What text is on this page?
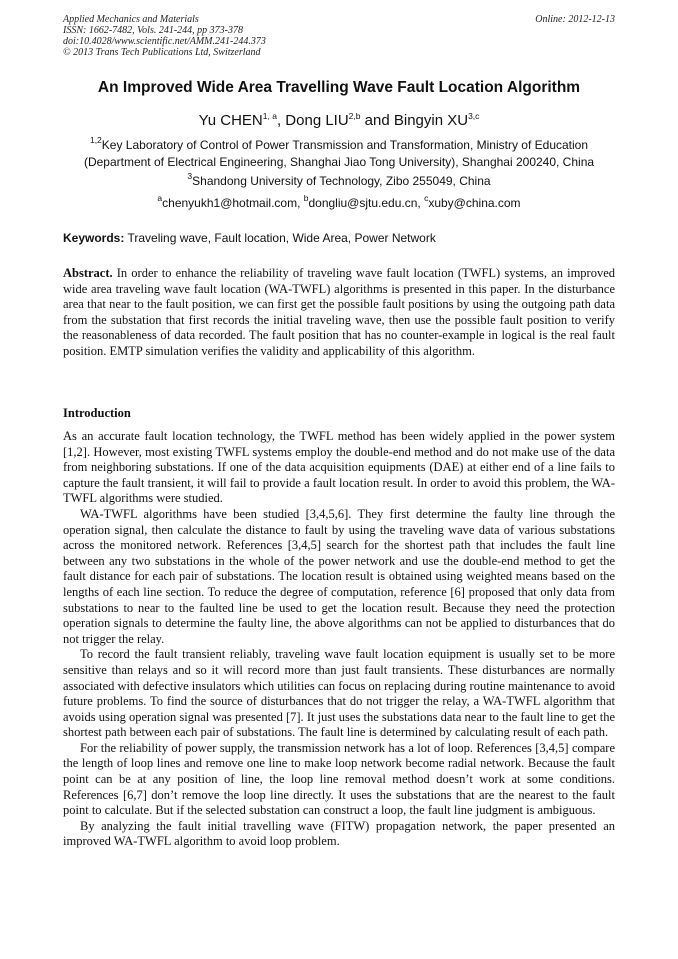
Applied Mechanics and Materials
ISSN: 1662-7482, Vols. 241-244, pp 373-378
doi:10.4028/www.scientific.net/AMM.241-244.373
© 2013 Trans Tech Publications Ltd, Switzerland
Online: 2012-12-13
An Improved Wide Area Travelling Wave Fault Location Algorithm
Yu CHEN$^{1, a}$, Dong LIU$^{2,b}$ and Bingyin XU$^{3,c}$
$^{1,2}$Key Laboratory of Control of Power Transmission and Transformation, Ministry of Education
(Department of Electrical Engineering, Shanghai Jiao Tong University), Shanghai 200240, China
$^3$Shandong University of Technology, Zibo 255049, China
$^a$chenyukh1@hotmail.com, $^b$dongliu@sjtu.edu.cn, $^c$xuby@china.com
Keywords: Traveling wave, Fault location, Wide Area, Power Network

Abstract. In order to enhance the reliability of traveling wave fault location (TWFL) systems, an improved wide area traveling wave fault location (WA-TWFL) algorithms is presented in this paper. In the disturbance area that near to the fault position, we can first get the possible fault positions by using the outgoing path data from the substation that first records the initial traveling wave, then use the possible fault position to verify the reasonableness of data recorded. The fault position that has no counter-example in logical is the real fault position. EMTP simulation verifies the validity and applicability of this algorithm.

Introduction

As an accurate fault location technology, the TWFL method has been widely applied in the power system [1,2]. However, most existing TWFL systems employ the double-end method and do not make use of the data from neighboring substations. If one of the data acquisition equipments (DAE) at either end of a line fails to capture the fault transient, it will fail to provide a fault location result. In order to avoid this problem, the WA-TWFL algorithms were studied.

WA-TWFL algorithms have been studied [3,4,5,6]. They first determine the faulty line through the operation signal, then calculate the distance to fault by using the traveling wave data of various substations across the monitored network. References [3,4,5] search for the shortest path that includes the fault line between any two substations in the whole of the power network and use the double-end method to get the fault distance for each pair of substations. The location result is obtained using weighted means based on the lengths of each line section. To reduce the degree of computation, reference [6] proposed that only data from substations to near to the faulted line be used to get the location result. Because they need the protection operation signals to determine the faulty line, the above algorithms can not be applied to disturbances that do not trigger the relay.

To record the fault transient reliably, traveling wave fault location equipment is usually set to be more sensitive than relays and so it will record more than just fault transients. These disturbances are normally associated with defective insulators which utilities can focus on replacing during routine maintenance to avoid future problems. To find the source of disturbances that do not trigger the relay, a WA-TWFL algorithm that avoids using operation signal was presented [7]. It just uses the substations data near to the fault line to get the shortest path between each pair of substations. The fault line is determined by calculating result of each path.

For the reliability of power supply, the transmission network has a lot of loop. References [3,4,5] compare the length of loop lines and remove one line to make loop network become radial network. Because the fault point can be at any position of line, the loop line removal method doesn’t work at some conditions. References [6,7] don’t remove the loop line directly. It uses the substations that are the nearest to the fault point to calculate. But if the selected substation can construct a loop, the fault line judgment is ambiguous.

By analyzing the fault initial travelling wave (FITW) propagation network, the paper presented an improved WA-TWFL algorithm to avoid loop problem.
